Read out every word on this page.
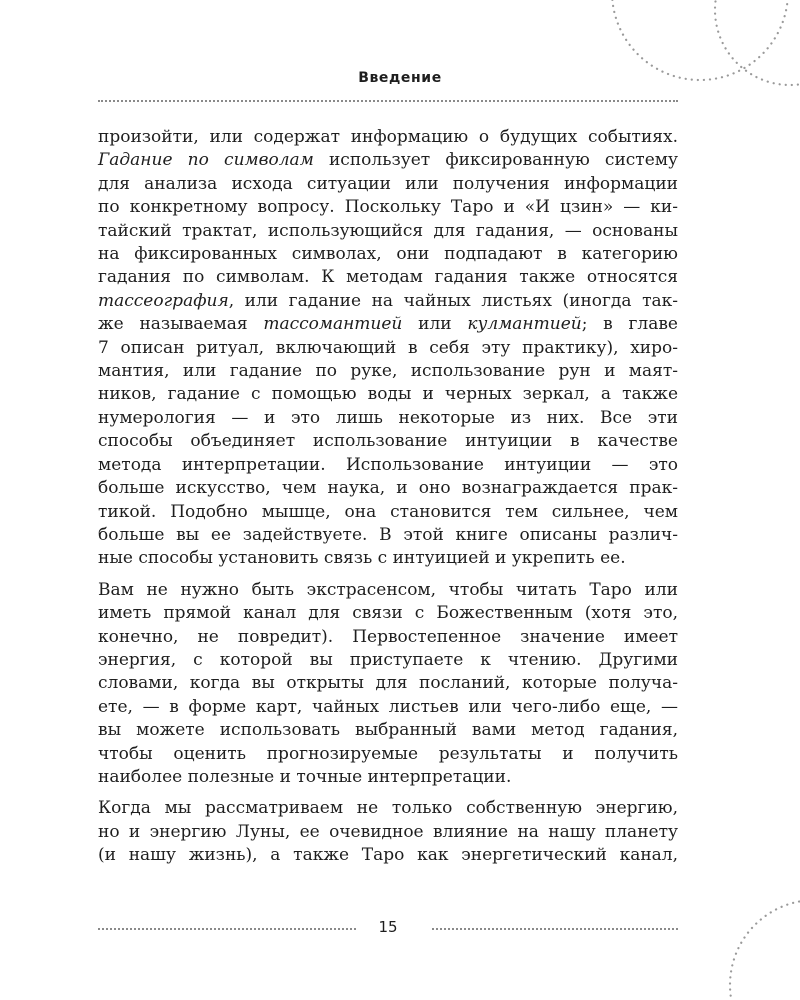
Введение
произойти, или содержат информацию о будущих событиях.
Гадание по символам использует фиксированную систему
для анализа исхода ситуации или получения информации
по конкретному вопросу. Поскольку Таро и «И цзин» — ки-
тайский трактат, использующийся для гадания, — основаны
на фиксированных символах, они подпадают в категорию
гадания по символам. К методам гадания также относятся
тассеография, или гадание на чайных листьях (иногда так-
же называемая тассомантией или кулмантией; в главе
7 описан ритуал, включающий в себя эту практику), хиро-
мантия, или гадание по руке, использование рун и маят-
ников, гадание с помощью воды и черных зеркал, а также
нумерология — и это лишь некоторые из них. Все эти
способы объединяет использование интуиции в качестве
метода интерпретации. Использование интуиции — это
больше искусство, чем наука, и оно вознаграждается прак-
тикой. Подобно мышце, она становится тем сильнее, чем
больше вы ее задействуете. В этой книге описаны различ-
ные способы установить связь с интуицией и укрепить ее.
Вам не нужно быть экстрасенсом, чтобы читать Таро или
иметь прямой канал для связи с Божественным (хотя это,
конечно, не повредит). Первостепенное значение имеет
энергия, с которой вы приступаете к чтению. Другими
словами, когда вы открыты для посланий, которые получа-
ете, — в форме карт, чайных листьев или чего-либо еще, —
вы можете использовать выбранный вами метод гадания,
чтобы оценить прогнозируемые результаты и получить
наиболее полезные и точные интерпретации.
Когда мы рассматриваем не только собственную энергию,
но и энергию Луны, ее очевидное влияние на нашу планету
(и нашу жизнь), а также Таро как энергетический канал,
15
